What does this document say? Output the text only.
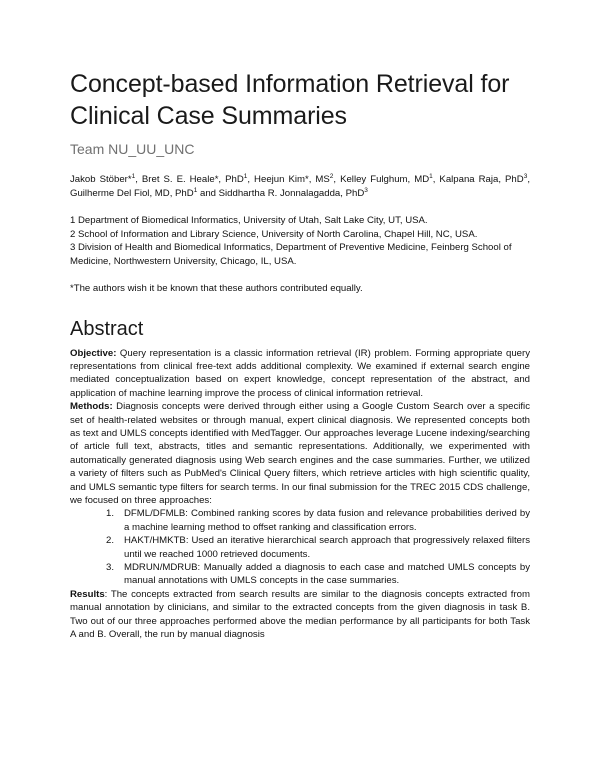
Concept-based Information Retrieval for
Clinical Case Summaries
Team NU_UU_UNC
Jakob Stöber*$^1$, Bret S. E. Heale*, PhD$^1$, Heejun Kim*, $MS^2$, Kelley Fulghum, $MD^1$, Kalpana Raja, PhD$^3$, Guilherme Del Fiol, MD, PhD$^1$ and Siddhartha R. Jonnalagadda, PhD$^3$
1 Department of Biomedical Informatics, University of Utah, Salt Lake City, UT, USA.
2 School of Information and Library Science, University of North Carolina, Chapel Hill, NC, USA.
3 Division of Health and Biomedical Informatics, Department of Preventive Medicine, Feinberg School of Medicine, Northwestern University, Chicago, IL, USA.
*The authors wish it be known that these authors contributed equally.
Abstract

Objective: Query representation is a classic information retrieval (IR) problem. Forming appropriate query representations from clinical free-text adds additional complexity. We examined if external search engine mediated conceptualization based on expert knowledge, concept representation of the abstract, and application of machine learning improve the process of clinical information retrieval.

Methods: Diagnosis concepts were derived through either using a Google Custom Search over a specific set of health-related websites or through manual, expert clinical diagnosis. We represented concepts both as text and UMLS concepts identified with MedTagger. Our approaches leverage Lucene indexing/searching of article full text, abstracts, titles and semantic representations. Additionally, we experimented with automatically generated diagnosis using Web search engines and the case summaries. Further, we utilized a variety of filters such as PubMed's Clinical Query filters, which retrieve articles with high scientific quality, and UMLS semantic type filters for search terms. In our final submission for the TREC 2015 CDS challenge, we focused on three approaches:

1. DFML/DFMLB: Combined ranking scores by data fusion and relevance probabilities derived by a machine learning method to offset ranking and classification errors.
2. HAKT/HMKTB: Used an iterative hierarchical search approach that progressively relaxed filters until we reached 1000 retrieved documents.
3. MDRUN/MDRUB: Manually added a diagnosis to each case and matched UMLS concepts by manual annotations with UMLS concepts in the case summaries.

Results: The concepts extracted from search results are similar to the diagnosis concepts extracted from manual annotation by clinicians, and similar to the extracted concepts from the given diagnosis in task B. Two out of our three approaches performed above the median performance by all participants for both Task A and B. Overall, the run by manual diagnosis
